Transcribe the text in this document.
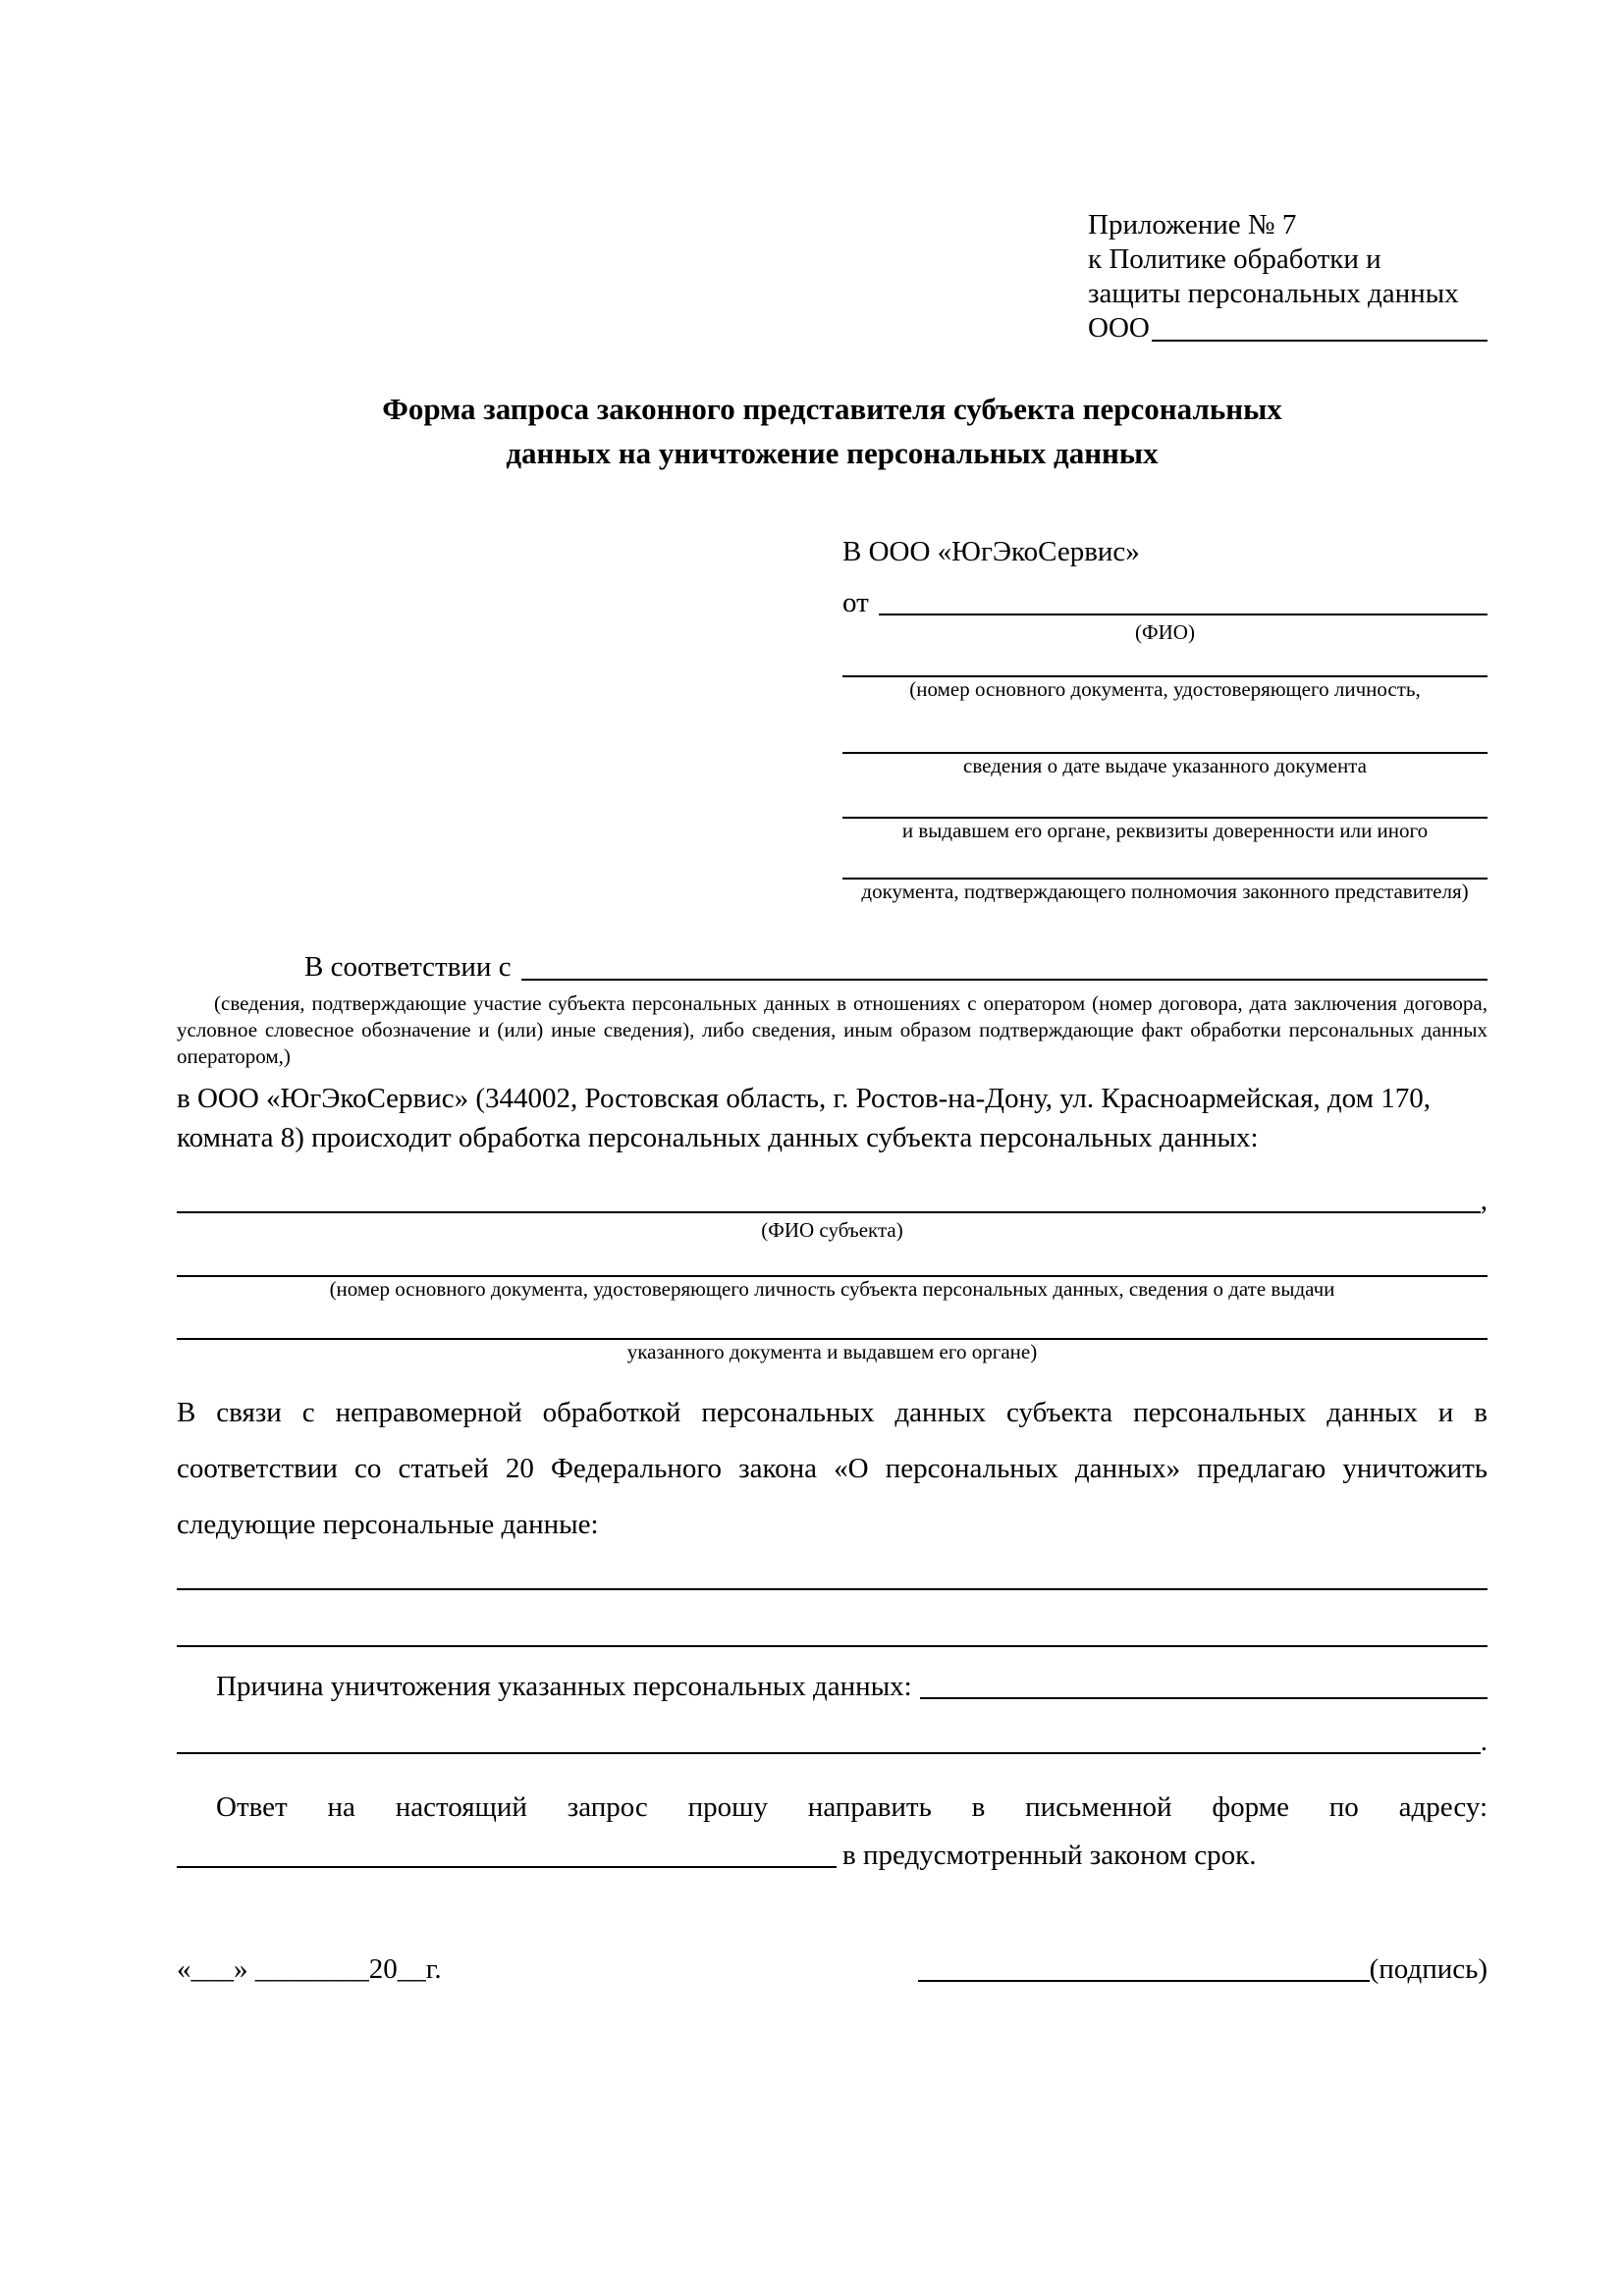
Приложение № 7
к Политике обработки и
защиты персональных данных
ООО
Форма запроса законного представителя субъекта персональных
данных на уничтожение персональных данных
В ООО «ЮгЭкоСервис»
от
(ФИО)
(номер основного документа, удостоверяющего личность,
сведения о дате выдаче указанного документа
и выдавшем его органе, реквизиты доверенности или иного
документа, подтверждающего полномочия законного представителя)
В соответствии с
(сведения, подтверждающие участие субъекта персональных данных в отношениях с оператором (номер договора, дата заключения договора, условное словесное обозначение и (или) иные сведения), либо сведения, иным образом подтверждающие факт обработки персональных данных оператором,)
в ООО «ЮгЭкоСервис» (344002, Ростовская область, г. Ростов-на-Дону, ул. Красноармейская, дом 170, комната 8) происходит обработка персональных данных субъекта персональных данных:
,
(ФИО субъекта)
(номер основного документа, удостоверяющего личность субъекта персональных данных, сведения о дате выдачи
указанного документа и выдавшем его органе)
В связи с неправомерной обработкой персональных данных субъекта персональных данных и в соответствии со статьей 20 Федерального закона «О персональных данных» предлагаю уничтожить следующие персональные данные:
Причина уничтожения указанных персональных данных:
.
Ответ на настоящий запрос прошу направить в письменной форме по адресу:
в предусмотренный законом срок.
«___» ________20__г.	(подпись)
